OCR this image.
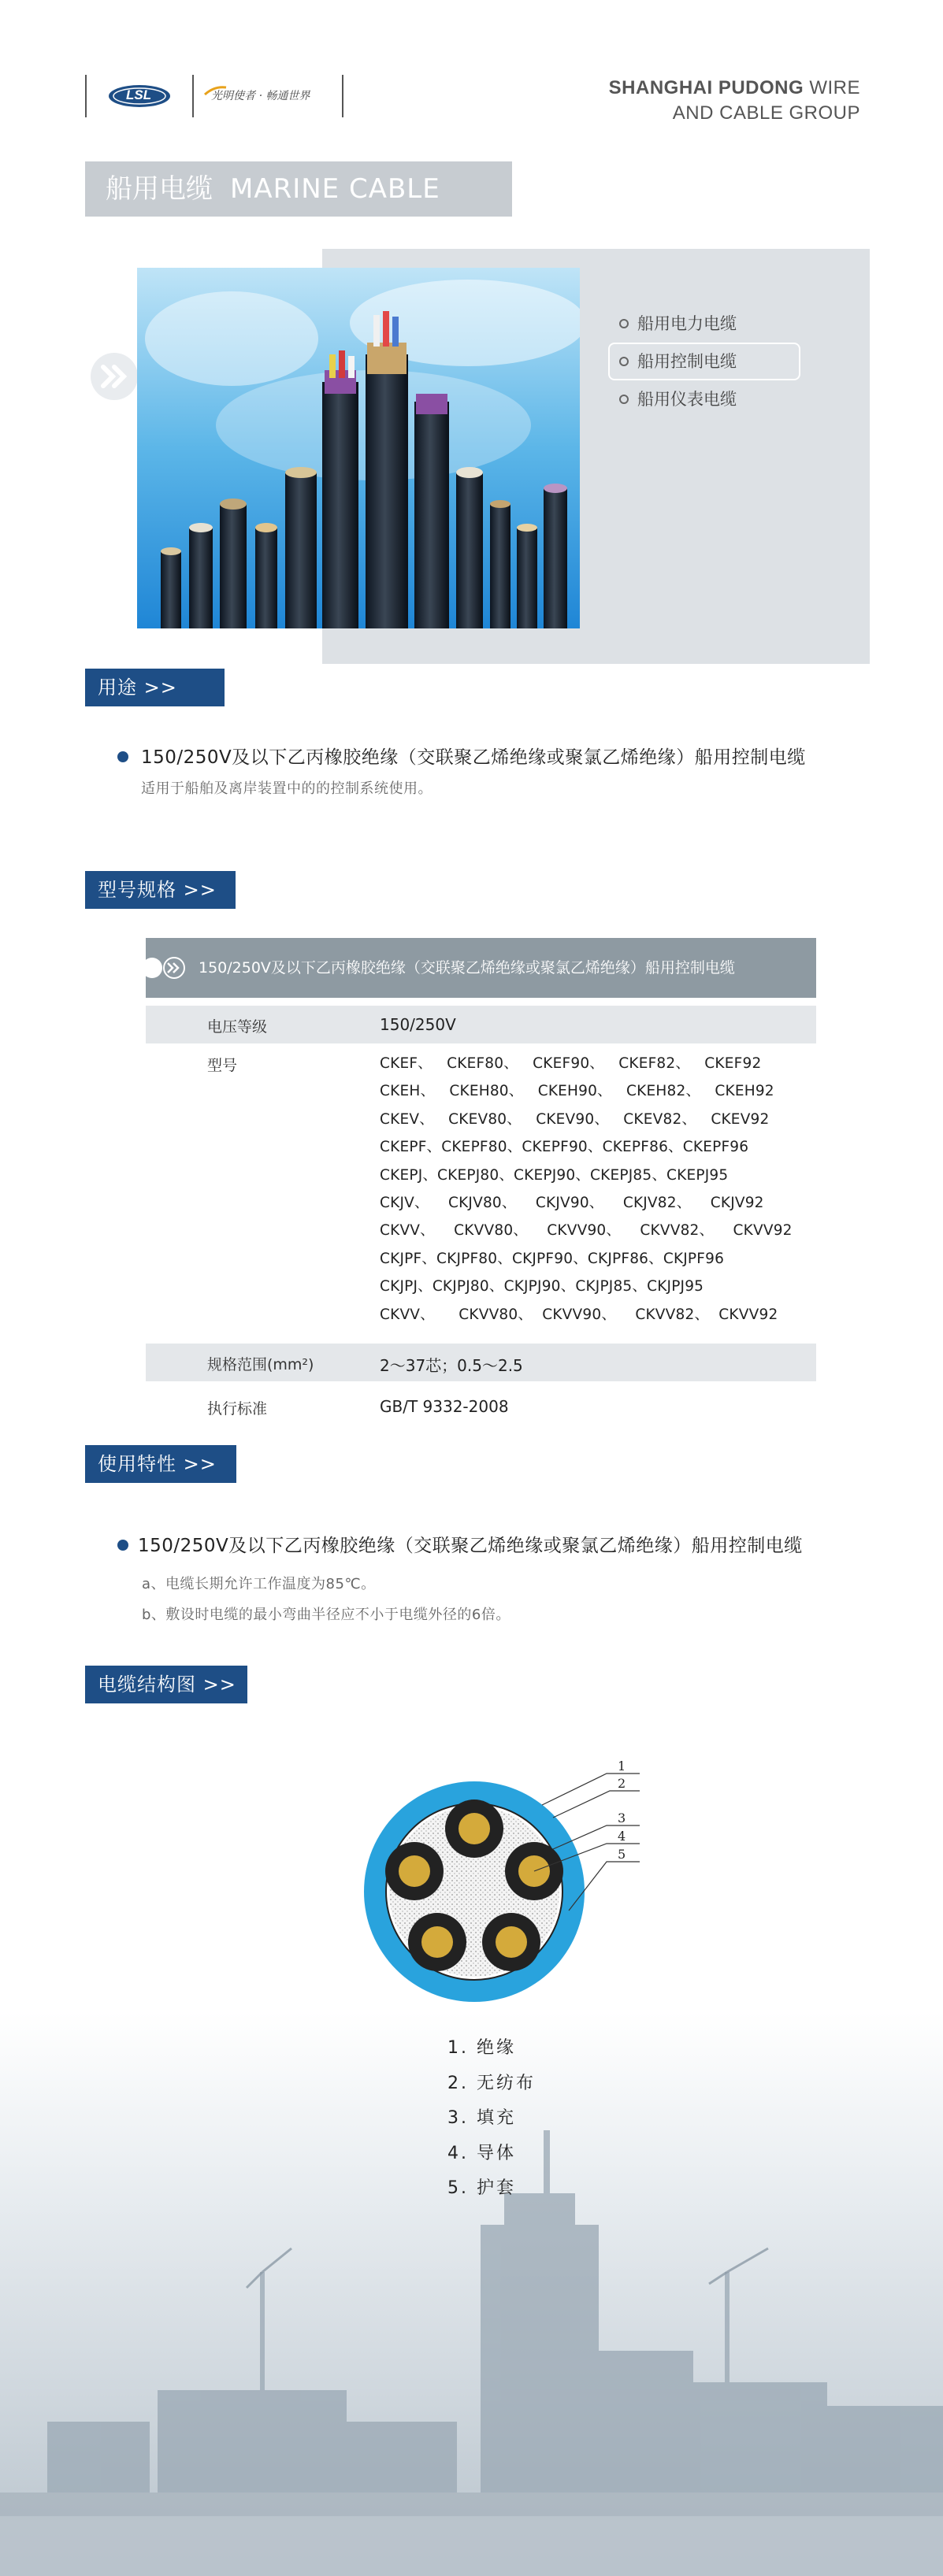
LSL	光明使者 · 畅通世界	SHANGHAI PUDONG WIRE
AND CABLE GROUP
船用电缆 MARINE CABLE
船用电力电缆
船用控制电缆
船用仪表电缆
用途 >>
150/250V及以下乙丙橡胶绝缘（交联聚乙烯绝缘或聚氯乙烯绝缘）船用控制电缆
适用于船舶及离岸装置中的的控制系统使用。
型号规格 >>
150/250V及以下乙丙橡胶绝缘（交联聚乙烯绝缘或聚氯乙烯绝缘）船用控制电缆
电压等级	150/250V
型号	CKEF、   CKEF80、   CKEF90、   CKEF82、   CKEF92
CKEH、   CKEH80、   CKEH90、   CKEH82、   CKEH92
CKEV、   CKEV80、   CKEV90、   CKEV82、   CKEV92
CKEPF、CKEPF80、CKEPF90、CKEPF86、CKEPF96
CKEPJ、CKEPJ80、CKEPJ90、CKEPJ85、CKEPJ95
CKJV、    CKJV80、    CKJV90、    CKJV82、    CKJV92
CKVV、    CKVV80、    CKVV90、    CKVV82、    CKVV92
CKJPF、CKJPF80、CKJPF90、CKJPF86、CKJPF96
CKJPJ、CKJPJ80、CKJPJ90、CKJPJ85、CKJPJ95
CKVV、     CKVV80、  CKVV90、    CKVV82、  CKVV92
规格范围(mm²)	2～37芯；0.5～2.5
执行标准	GB/T 9332-2008
使用特性 >>
150/250V及以下乙丙橡胶绝缘（交联聚乙烯绝缘或聚氯乙烯绝缘）船用控制电缆
a、电缆长期允许工作温度为85℃。
b、敷设时电缆的最小弯曲半径应不小于电缆外径的6倍。
电缆结构图 >>
1
2
3
4
5
1. 绝缘
2. 无纺布
3. 填充
4. 导体
5. 护套
